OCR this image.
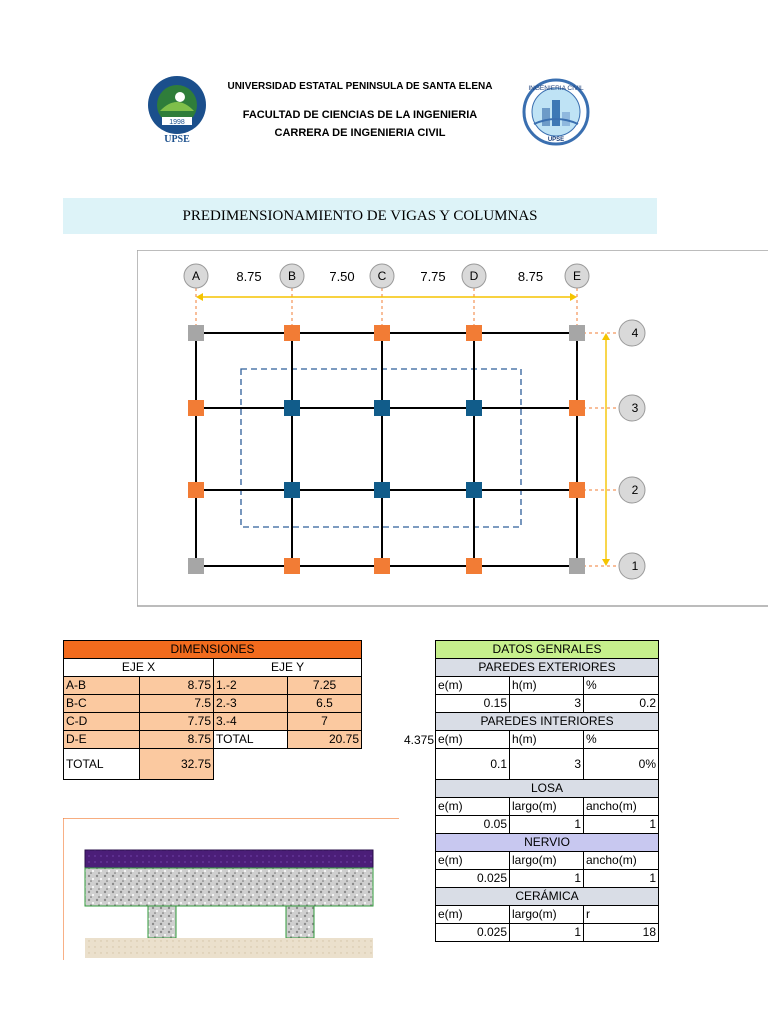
1998
UPSE
UNIVERSIDAD ESTATAL PENINSULA DE SANTA ELENA
FACULTAD DE CIENCIAS DE LA INGENIERIA
CARRERA DE INGENIERIA CIVIL
INGENIERIA CIVIL
UPSE
PREDIMENSIONAMIENTO DE VIGAS Y COLUMNAS
A	B	C	D	E
8.75	7.50	7.75	8.75
4
3
2
1
DIMENSIONES			
EJE X		EJE Y	
A-B	8.75	1.-2	7.25
B-C	7.5	2.-3	6.5
C-D	7.75	3.-4	7
D-E	8.75	TOTAL	20.75
TOTAL	32.75		
4.375
DATOS GENRALES		
PAREDES EXTERIORES		
e(m)	h(m)	%
0.15	3	0.2
PAREDES INTERIORES		
e(m)	h(m)	%
0.1	3	0%
LOSA		
e(m)	largo(m)	ancho(m)
0.05	1	1
NERVIO		
e(m)	largo(m)	ancho(m)
0.025	1	1
CERÁMICA		
e(m)	largo(m)	r
0.025	1	18
